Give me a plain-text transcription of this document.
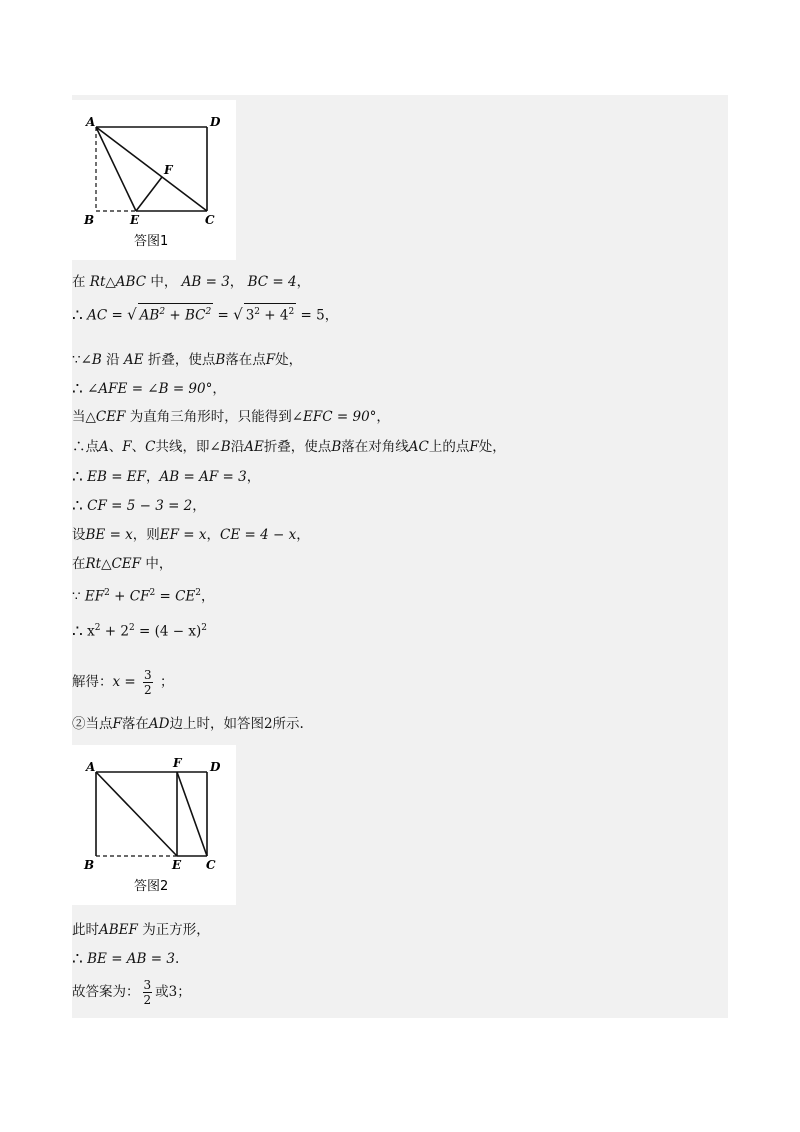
A	D
F
B	E	C
答图1
在 Rt△ABC 中， AB = 3， BC = 4，
∴ AC = √ $AB^2 + BC^2$ = √ $3^2 + 4^2 = 5$，
∵∠B 沿 AE 折叠，使点B落在点F处，
∴ ∠AFE = ∠B = 90°，
当△CEF 为直角三角形时，只能得到∠EFC = 90°，
∴点A、F、C共线，即∠B沿AE折叠，使点B落在对角线AC上的点F处，
∴ EB = EF，AB = AF = 3，
∴ CF = 5 − 3 = 2，
设BE = x，则EF = x，CE = 4 − x，
在Rt△CEF 中，
∵ $EF^2 + CF^2 = CE^2$，
∴ $x^2 + 2^2 = (4 - x)^2$
解得：$x = \frac{3}{2}$ ；
②当点F落在AD边上时，如答图2所示.
A	F D
B	E C
答图2
此时ABEF 为正方形，
∴ BE = AB = 3.
故答案为： $\frac{3}{2}$ 或3；
